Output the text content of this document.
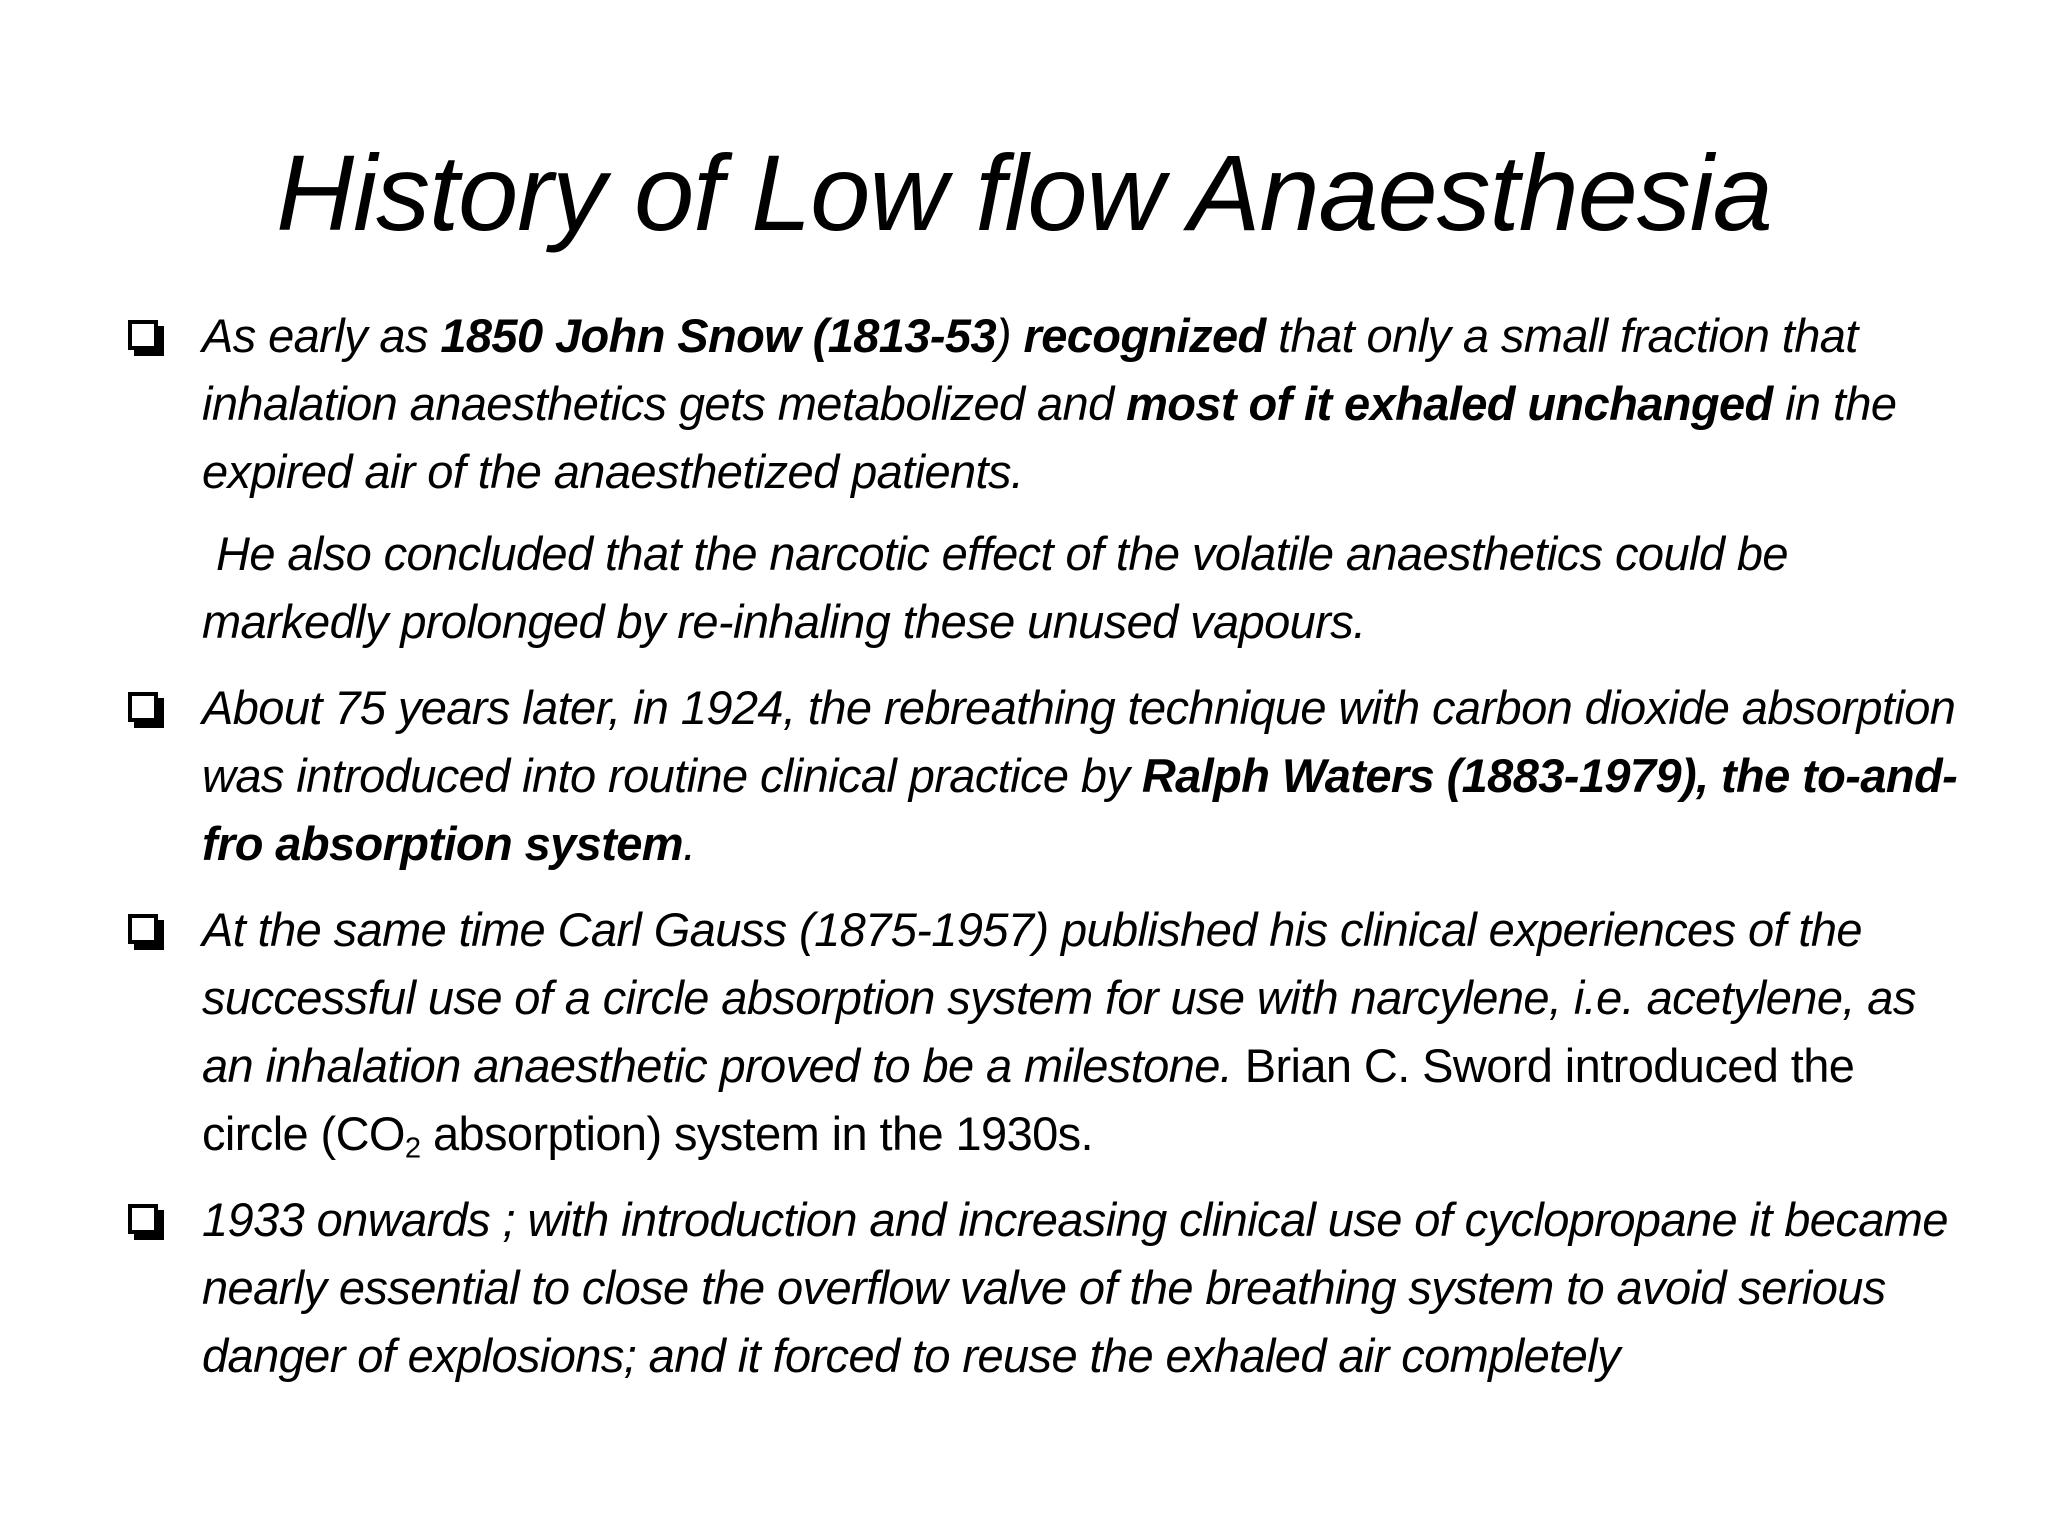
History of Low flow Anaesthesia
As early as 1850 John Snow (1813-53) recognized that only a small fraction that inhalation anaesthetics gets metabolized and most of it exhaled unchanged in the expired air of the anaesthetized patients.
He also concluded that the narcotic effect of the volatile anaesthetics could be markedly prolonged by re-inhaling these unused vapours.
About 75 years later, in 1924, the rebreathing technique with carbon dioxide absorption was introduced into routine clinical practice by Ralph Waters (1883-1979), the to-and-fro absorption system.
At the same time Carl Gauss (1875-1957) published his clinical experiences of the successful use of a circle absorption system for use with narcylene, i.e. acetylene, as an inhalation anaesthetic proved to be a milestone. Brian C. Sword introduced the circle ($CO_2$ absorption) system in the 1930s.
1933 onwards ; with introduction and increasing clinical use of cyclopropane it became nearly essential to close the overflow valve of the breathing system to avoid serious danger of explosions; and it forced to reuse the exhaled air completely
